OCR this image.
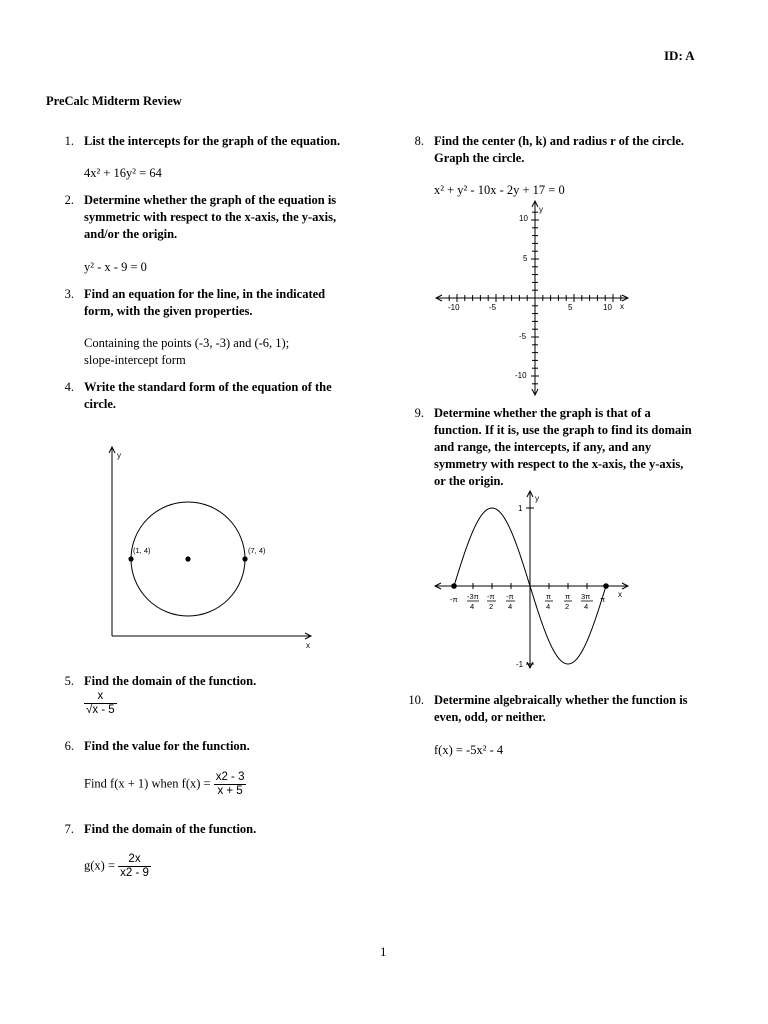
ID: A
PreCalc Midterm Review
1. List the intercepts for the graph of the equation.
4x² + 16y² = 64
2. Determine whether the graph of the equation is
symmetric with respect to the x-axis, the y-axis,
and/or the origin.
y² - x - 9 = 0
3. Find an equation for the line, in the indicated
form, with the given properties.
Containing the points (-3, -3) and (-6, 1);
slope-intercept form
4. Write the standard form of the equation of the
circle.
y
x
(1, 4)	(7, 4)
5. Find the domain of the function.
$\frac{x}{√x - 5}$
6. Find the value for the function.
Find f(x + 1) when $f(x) = \frac{x2 - 3}{x + 5}$
7. Find the domain of the function.
$g(x) = \frac{2x}{x2 - 9}$
8. Find the center (h, k) and radius r of the circle.
Graph the circle.
x² + y² - 10x - 2y + 17 = 0
y
x
-10	-5	5	10
10
5
-5
-10
9. Determine whether the graph is that of a
function. If it is, use the graph to find its domain
and range, the intercepts, if any, and any
symmetry with respect to the x-axis, the y-axis,
or the origin.
y
x
1
-1
-π -3π
4
-π
2
-π
4
π
4
π
2
3π
4
π
10. Determine algebraically whether the function is
even, odd, or neither.
f(x) = -5x² - 4
1
